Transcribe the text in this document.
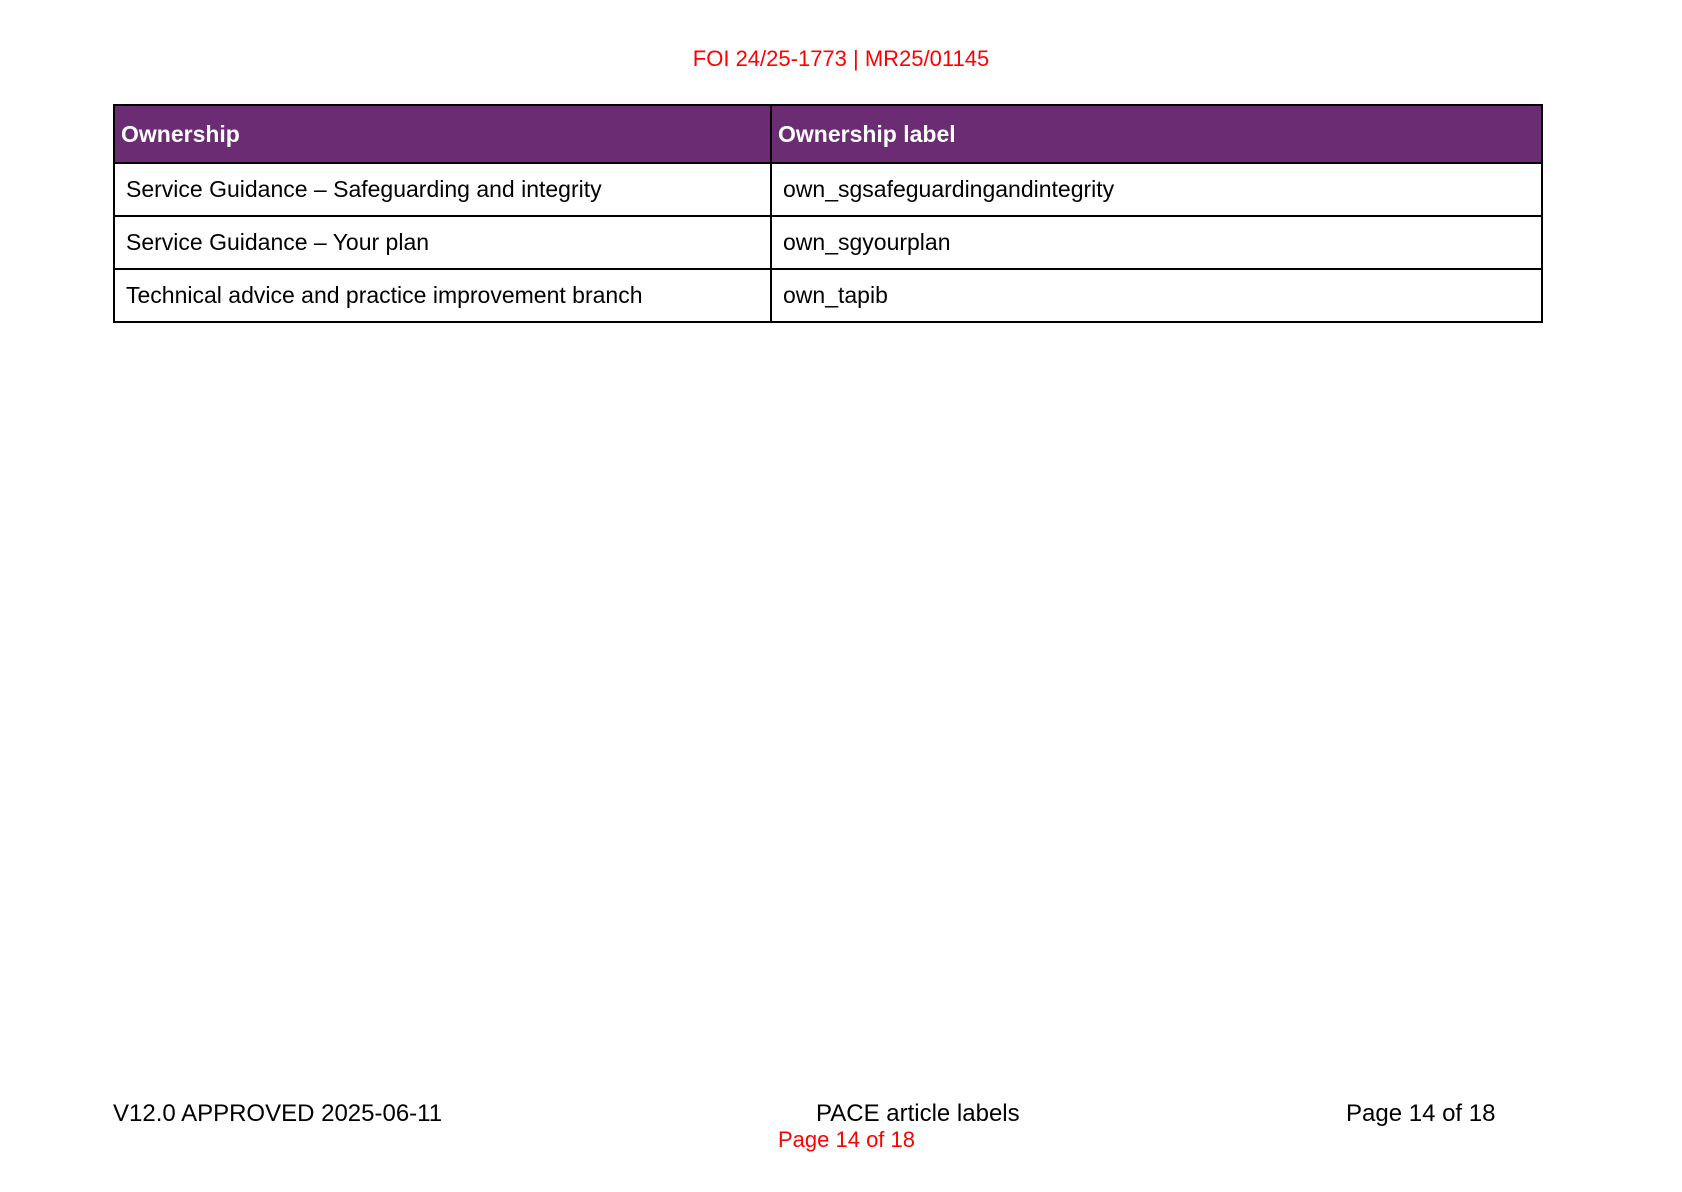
FOI 24/25-1773 | MR25/01145
Ownership	Ownership label
Service Guidance – Safeguarding and integrity	own_sgsafeguardingandintegrity
Service Guidance – Your plan	own_sgyourplan
Technical advice and practice improvement branch	own_tapib
V12.0 APPROVED 2025-06-11	PACE article labels	Page 14 of 18
Page 14 of 18
